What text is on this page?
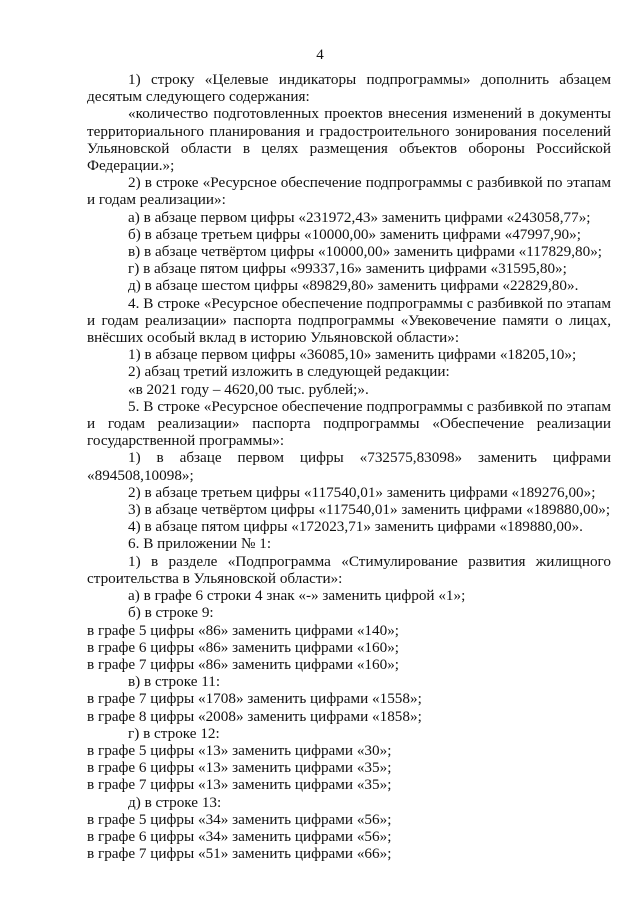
4

1) строку «Целевые индикаторы подпрограммы» дополнить абзацем десятым следующего содержания:

«количество подготовленных проектов внесения изменений в документы территориального планирования и градостроительного зонирования поселений Ульяновской области в целях размещения объектов обороны Российской Федерации.»;

2) в строке «Ресурсное обеспечение подпрограммы с разбивкой по этапам и годам реализации»:

а) в абзаце первом цифры «231972,43» заменить цифрами «243058,77»;

б) в абзаце третьем цифры «10000,00» заменить цифрами «47997,90»;

в) в абзаце четвёртом цифры «10000,00» заменить цифрами «117829,80»;

г) в абзаце пятом цифры «99337,16» заменить цифрами «31595,80»;

д) в абзаце шестом цифры «89829,80» заменить цифрами «22829,80».

4. В строке «Ресурсное обеспечение подпрограммы с разбивкой по этапам и годам реализации» паспорта подпрограммы «Увековечение памяти о лицах, внёсших особый вклад в историю Ульяновской области»:

1) в абзаце первом цифры «36085,10» заменить цифрами «18205,10»;

2) абзац третий изложить в следующей редакции:

«в 2021 году – 4620,00 тыс. рублей;».

5. В строке «Ресурсное обеспечение подпрограммы с разбивкой по этапам и годам реализации» паспорта подпрограммы «Обеспечение реализации государственной программы»:

1) в абзаце первом цифры «732575,83098» заменить цифрами «894508,10098»;

2) в абзаце третьем цифры «117540,01» заменить цифрами «189276,00»;

3) в абзаце четвёртом цифры «117540,01» заменить цифрами «189880,00»;

4) в абзаце пятом цифры «172023,71» заменить цифрами «189880,00».

6. В приложении № 1:

1) в разделе «Подпрограмма «Стимулирование развития жилищного строительства в Ульяновской области»:

а) в графе 6 строки 4 знак «-» заменить цифрой «1»;

б) в строке 9:

в графе 5 цифры «86» заменить цифрами «140»;

в графе 6 цифры «86» заменить цифрами «160»;

в графе 7 цифры «86» заменить цифрами «160»;

в) в строке 11:

в графе 7 цифры «1708» заменить цифрами «1558»;

в графе 8 цифры «2008» заменить цифрами «1858»;

г) в строке 12:

в графе 5 цифры «13» заменить цифрами «30»;

в графе 6 цифры «13» заменить цифрами «35»;

в графе 7 цифры «13» заменить цифрами «35»;

д) в строке 13:

в графе 5 цифры «34» заменить цифрами «56»;

в графе 6 цифры «34» заменить цифрами «56»;

в графе 7 цифры «51» заменить цифрами «66»;
